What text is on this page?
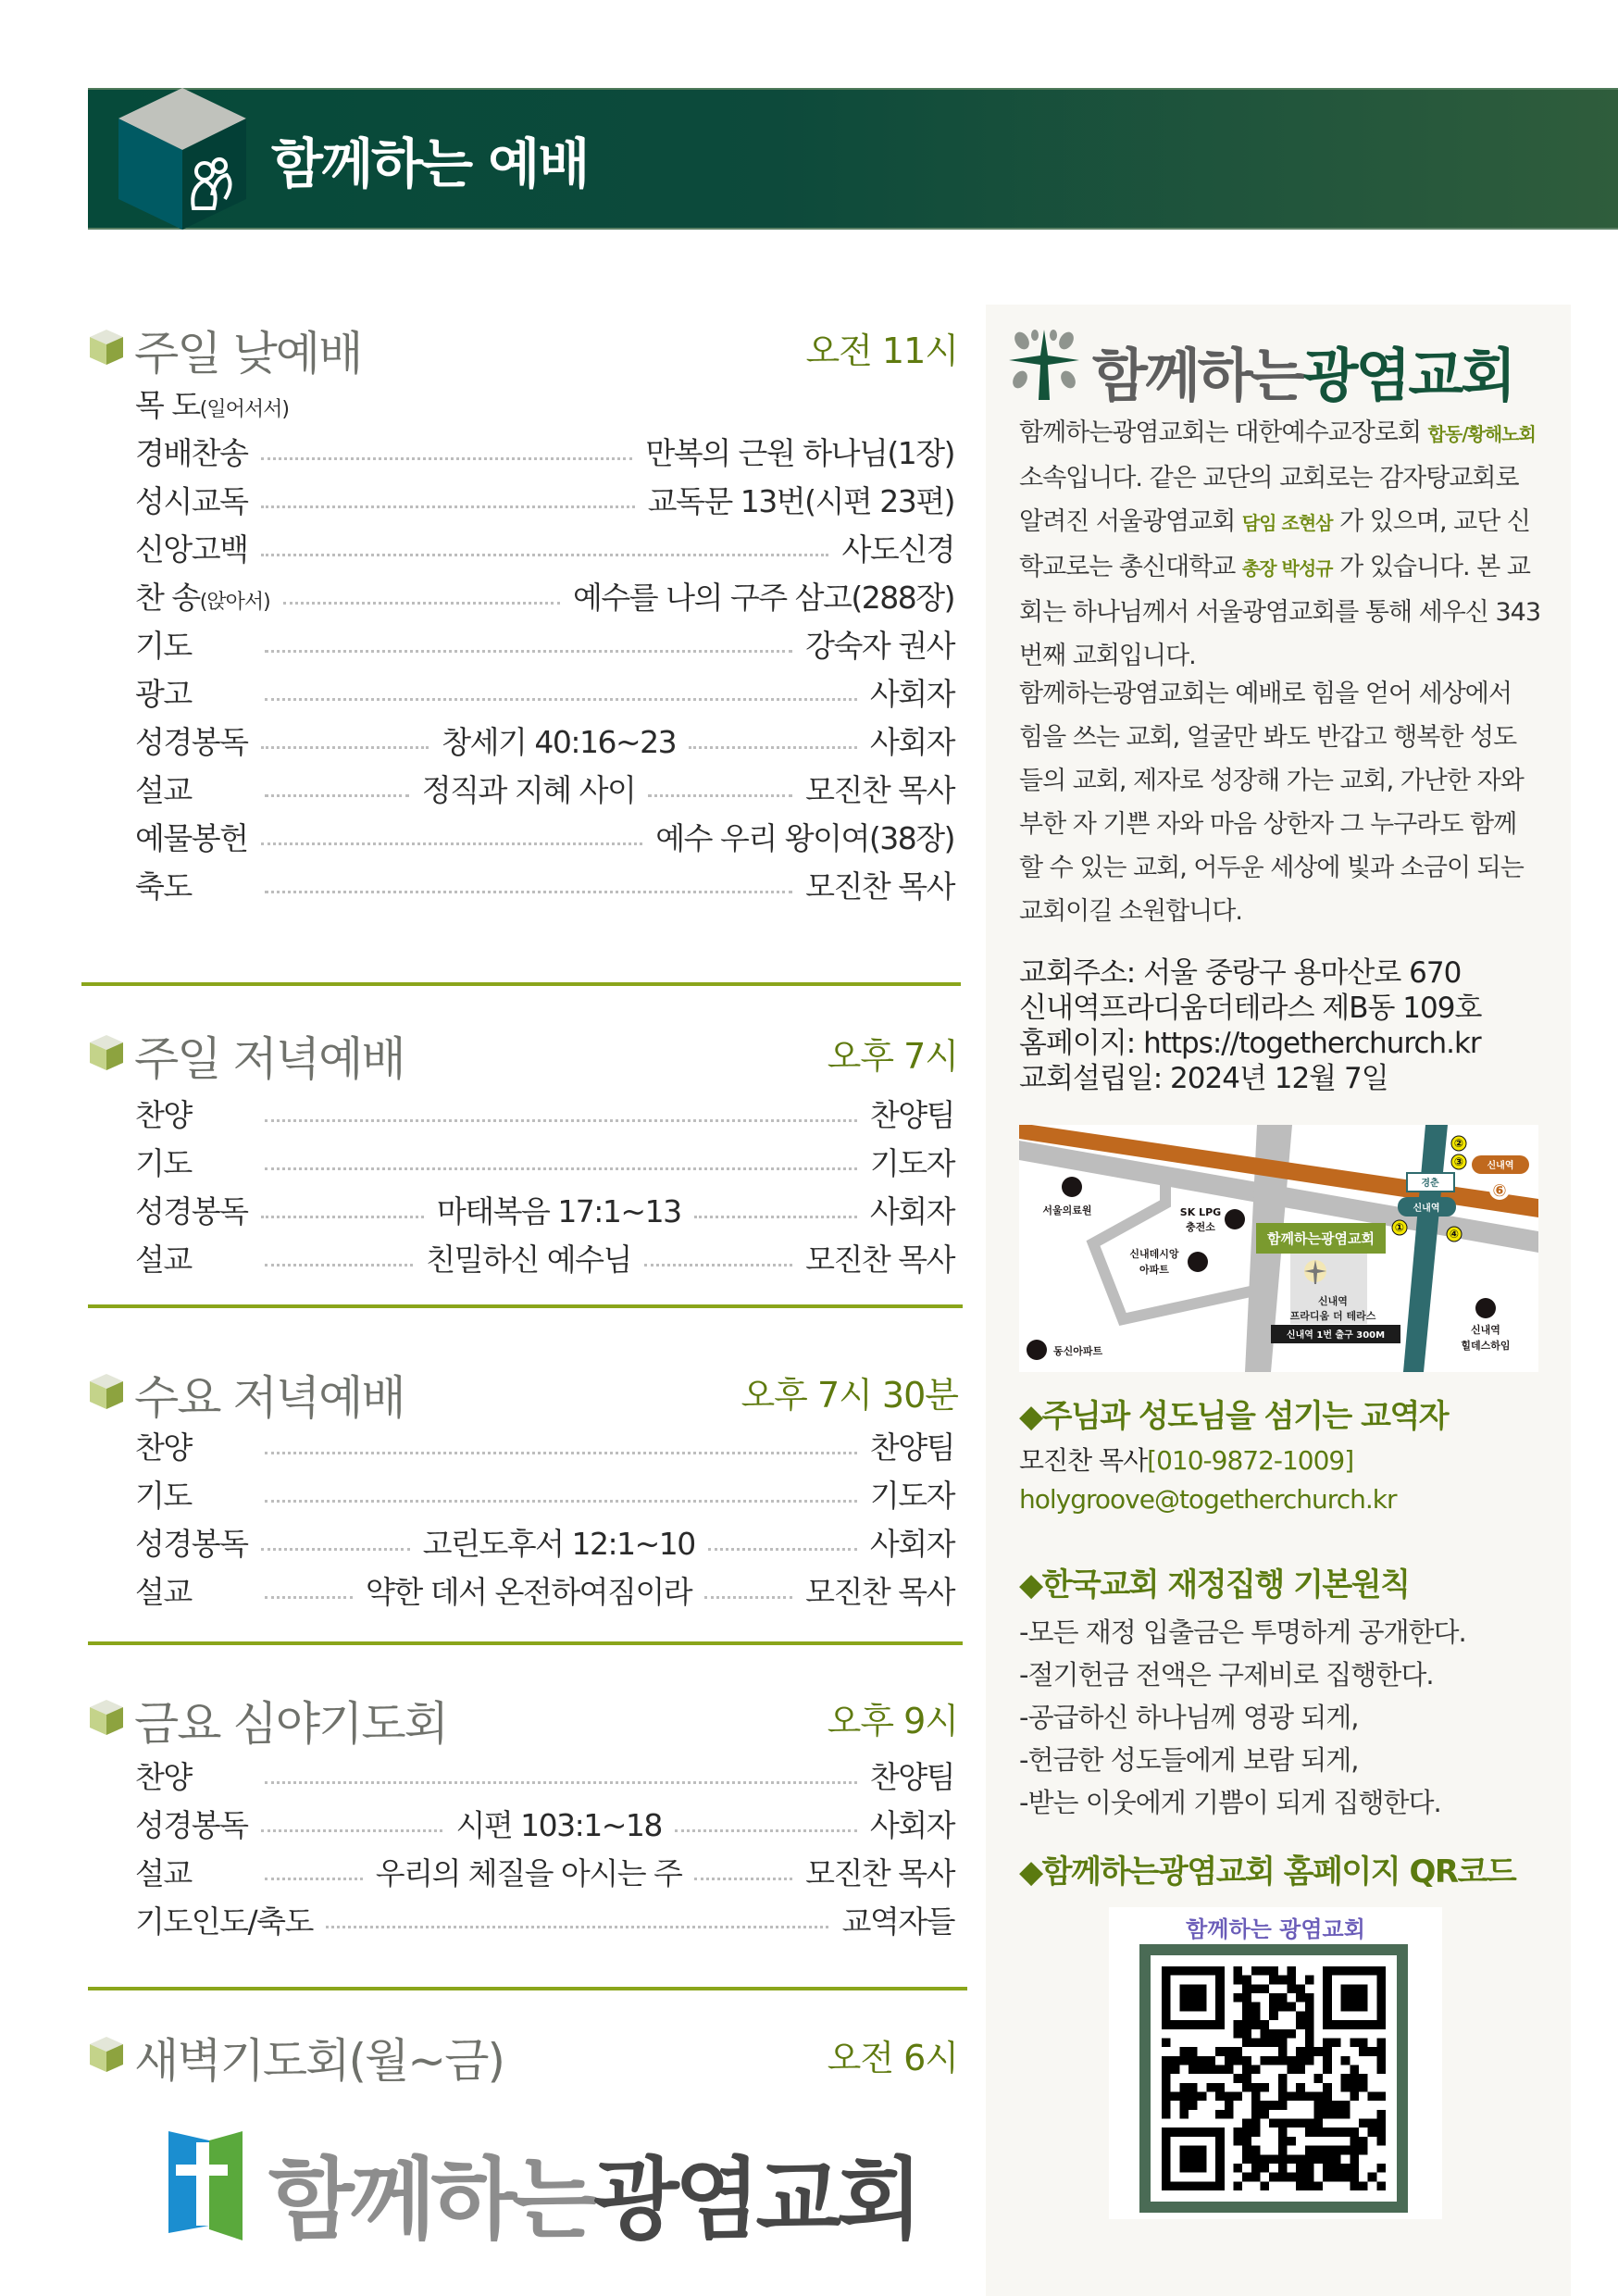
함께하는 예배
주일 낮예배	오전 11시
목 도(일어서서)
경배찬송	만복의 근원 하나님(1장)
성시교독	교독문 13번(시편 23편)
신앙고백	사도신경
찬 송(앉아서)	예수를 나의 구주 삼고(288장)
기도	강숙자 권사
광고	사회자
성경봉독	창세기 40:16~23	사회자
설교	정직과 지혜 사이	모진찬 목사
예물봉헌	예수 우리 왕이여(38장)
축도	모진찬 목사
주일 저녁예배	오후 7시
찬양	찬양팀
기도	기도자
성경봉독	마태복음 17:1~13	사회자
설교	친밀하신 예수님	모진찬 목사
수요 저녁예배	오후 7시 30분
찬양	찬양팀
기도	기도자
성경봉독	고린도후서 12:1~10	사회자
설교	약한 데서 온전하여짐이라	모진찬 목사
금요 심야기도회	오후 9시
찬양	찬양팀
성경봉독	시편 103:1~18	사회자
설교	우리의 체질을 아시는 주	모진찬 목사
기도인도/축도	교역자들
새벽기도회(월~금)	오전 6시
함께하는광염교회
함께하는광염교회
함께하는광염교회는 대한예수교장로회 합동/황해노회 소속입니다. 같은 교단의 교회로는 감자탕교회로 알려진 서울광염교회 담임 조현삼 가 있으며, 교단 신학교로는 총신대학교 총장 박성규 가 있습니다. 본 교회는 하나님께서 서울광염교회를 통해 세우신 343번째 교회입니다.
함께하는광염교회는 예배로 힘을 얻어 세상에서 힘을 쓰는 교회, 얼굴만 봐도 반갑고 행복한 성도들의 교회, 제자로 성장해 가는 교회, 가난한 자와 부한 자 기쁜 자와 마음 상한자 그 누구라도 함께 할 수 있는 교회, 어두운 세상에 빛과 소금이 되는 교회이길 소원합니다.
교회주소: 서울 중랑구 용마산로 670
신내역프라디움더테라스 제B동 109호
홈페이지: https://togetherchurch.kr
교회설립일: 2024년 12월 7일
함께하는광염교회
신내역
프라디움 더 테라스
신내역 1번 출구 300M
경춘
신내역
신내역
⑥
①
②
③
④
서울의료원	SK LPG
충전소
신내데시앙
아파트
동신아파트
신내역
힐데스하임
◆주님과 성도님을 섬기는 교역자
모진찬 목사[010-9872-1009]
holygroove@togetherchurch.kr
◆한국교회 재정집행 기본원칙
-모든 재정 입출금은 투명하게 공개한다.
-절기헌금 전액은 구제비로 집행한다.
-공급하신 하나님께 영광 되게,
-헌금한 성도들에게 보람 되게,
-받는 이웃에게 기쁨이 되게 집행한다.
◆함께하는광염교회 홈페이지 QR코드
함께하는 광염교회
